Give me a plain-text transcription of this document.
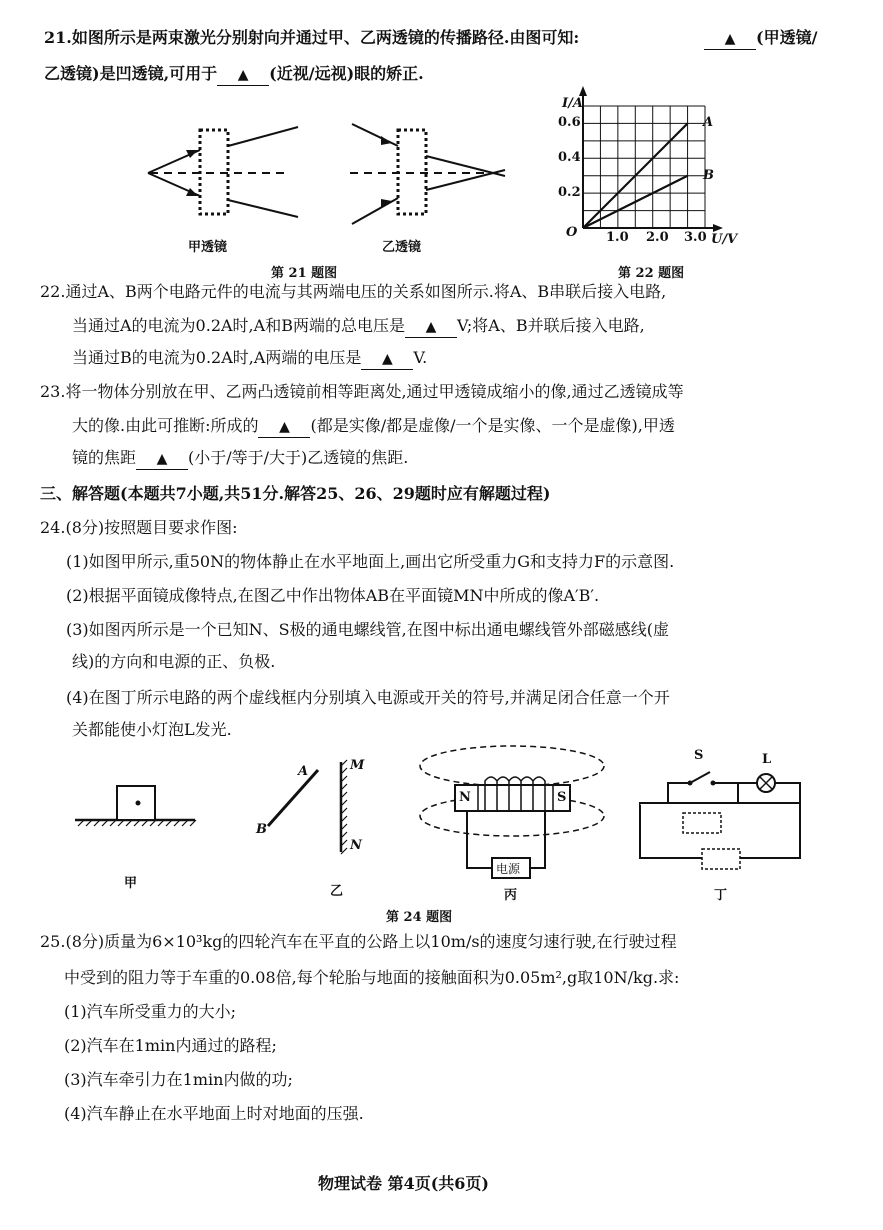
21.如图所示是两束激光分别射向并通过甲、乙两透镜的传播路径.由图可知:	▲ (甲透镜/
乙透镜)是凹透镜,可用于 ▲ (近视/远视)眼的矫正.
甲透镜	乙透镜
第 21 题图
I/A
U/V
O
0.6
0.4
0.2
1.0 2.0 3.0
A
B
第 22 题图
22.通过A、B两个电路元件的电流与其两端电压的关系如图所示.将A、B串联后接入电路,
当通过A的电流为0.2A时,A和B两端的总电压是 ▲ V;将A、B并联后接入电路,
当通过B的电流为0.2A时,A两端的电压是 ▲ V.
23.将一物体分别放在甲、乙两凸透镜前相等距离处,通过甲透镜成缩小的像,通过乙透镜成等
大的像.由此可推断:所成的 ▲ (都是实像/都是虚像/一个是实像、一个是虚像),甲透
镜的焦距 ▲ (小于/等于/大于)乙透镜的焦距.
三、解答题(本题共7小题,共51分.解答25、26、29题时应有解题过程)
24.(8分)按照题目要求作图:
(1)如图甲所示,重50N的物体静止在水平地面上,画出它所受重力G和支持力F的示意图.
(2)根据平面镜成像特点,在图乙中作出物体AB在平面镜MN中所成的像A′B′.
(3)如图丙所示是一个已知N、S极的通电螺线管,在图中标出通电螺线管外部磁感线(虚
线)的方向和电源的正、负极.
(4)在图丁所示电路的两个虚线框内分别填入电源或开关的符号,并满足闭合任意一个开
关都能使小灯泡L发光.
A
B
M
N
N	S
电源
S	L
甲
乙	丙	丁
第 24 题图
25.(8分)质量为6×10³kg的四轮汽车在平直的公路上以10m/s的速度匀速行驶,在行驶过程
中受到的阻力等于车重的0.08倍,每个轮胎与地面的接触面积为0.05m²,g取10N/kg.求:
(1)汽车所受重力的大小;
(2)汽车在1min内通过的路程;
(3)汽车牵引力在1min内做的功;
(4)汽车静止在水平地面上时对地面的压强.
物理试卷 第4页(共6页)
